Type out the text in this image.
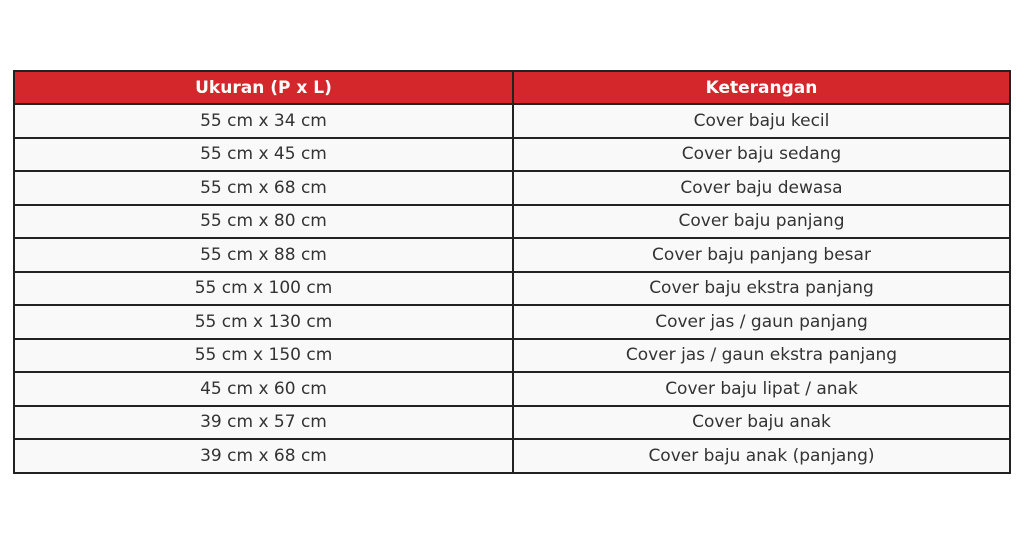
Ukuran (P x L)	Keterangan
55 cm x 34 cm	Cover baju kecil
55 cm x 45 cm	Cover baju sedang
55 cm x 68 cm	Cover baju dewasa
55 cm x 80 cm	Cover baju panjang
55 cm x 88 cm	Cover baju panjang besar
55 cm x 100 cm	Cover baju ekstra panjang
55 cm x 130 cm	Cover jas / gaun panjang
55 cm x 150 cm	Cover jas / gaun ekstra panjang
45 cm x 60 cm	Cover baju lipat / anak
39 cm x 57 cm	Cover baju anak
39 cm x 68 cm	Cover baju anak (panjang)
